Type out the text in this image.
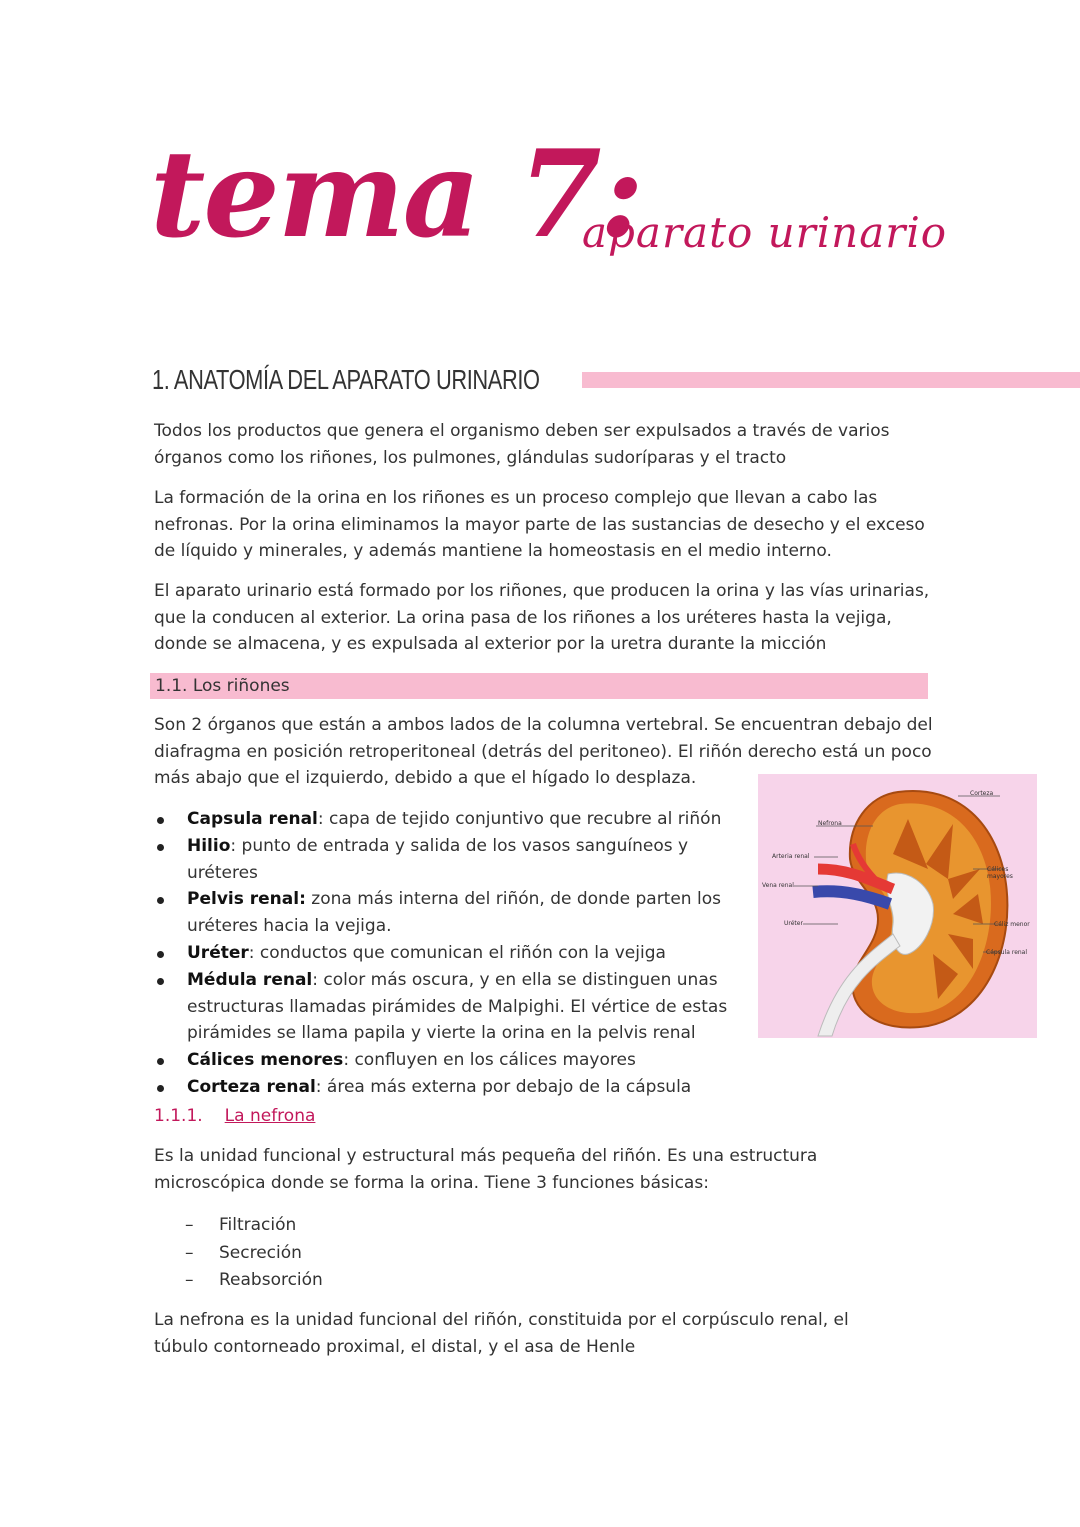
tema 7:
aparato urinario
1. ANATOMÍA DEL APARATO URINARIO

Todos los productos que genera el organismo deben ser expulsados a través de varios órganos como los riñones, los pulmones, glándulas sudoríparas y el tracto

La formación de la orina en los riñones es un proceso complejo que llevan a cabo las nefronas. Por la orina eliminamos la mayor parte de las sustancias de desecho y el exceso de líquido y minerales, y además mantiene la homeostasis en el medio interno.

El aparato urinario está formado por los riñones, que producen la orina y las vías urinarias, que la conducen al exterior. La orina pasa de los riñones a los uréteres hasta la vejiga, donde se almacena, y es expulsada al exterior por la uretra durante la micción

1.1. Los riñones

Son 2 órganos que están a ambos lados de la columna vertebral. Se encuentran debajo del diafragma en posición retroperitoneal (detrás del peritoneo). El riñón derecho está un poco más abajo que el izquierdo, debido a que el hígado lo desplaza.

Capsula renal: capa de tejido conjuntivo que recubre al riñón
Hilio: punto de entrada y salida de los vasos sanguíneos y uréteres
Pelvis renal: zona más interna del riñón, de donde parten los uréteres hacia la vejiga.
Uréter: conductos que comunican el riñón con la vejiga
Médula renal: color más oscura, y en ella se distinguen unas estructuras llamadas pirámides de Malpighi. El vértice de estas pirámides se llama papila y vierte la orina en la pelvis renal
Cálices menores: confluyen en los cálices mayores
Corteza renal: área más externa por debajo de la cápsula
Corteza
Nefrona
Arteria renal
Vena renal
Uréter
Cálices
mayores
Cáliz menor
Cápsula renal
1.1.1. La nefrona

Es la unidad funcional y estructural más pequeña del riñón. Es una estructura microscópica donde se forma la orina. Tiene 3 funciones básicas:

– Filtración
– Secreción
– Reabsorción

La nefrona es la unidad funcional del riñón, constituida por el corpúsculo renal, el túbulo contorneado proximal, el distal, y el asa de Henle
